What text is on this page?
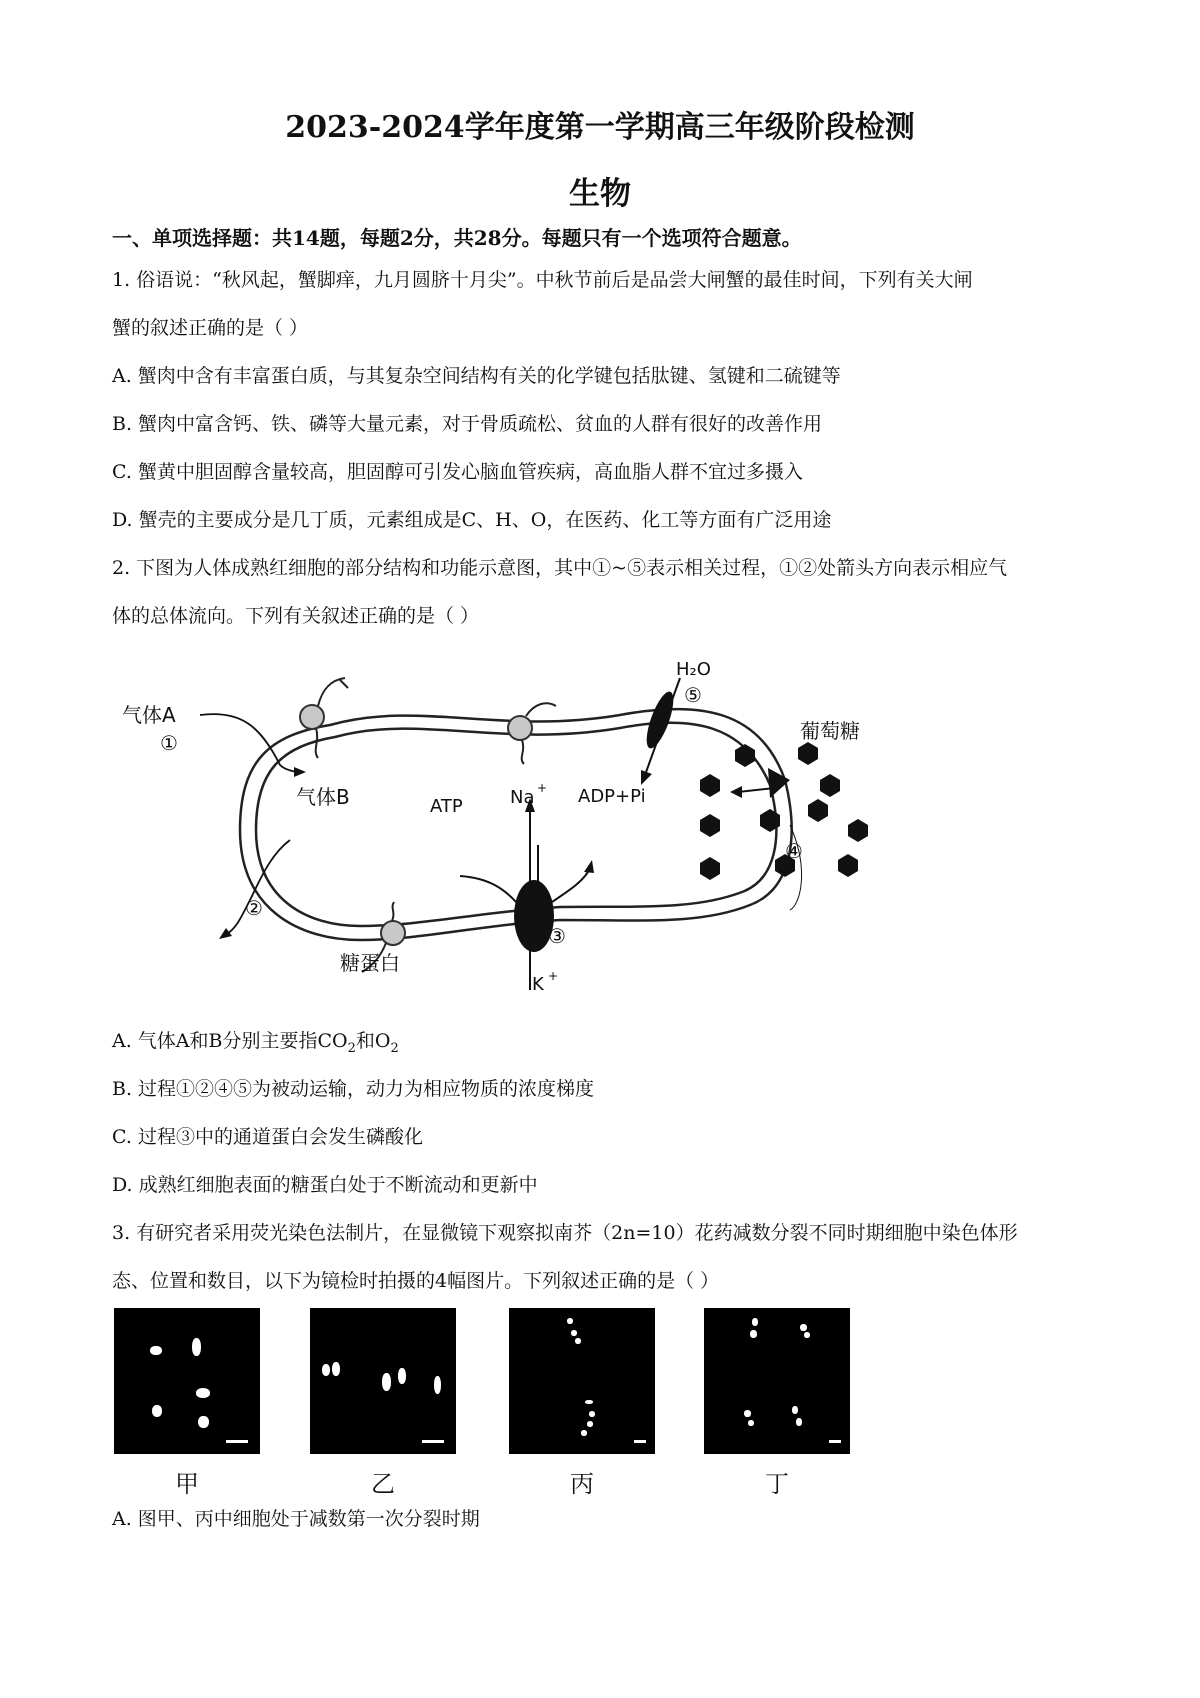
2023-2024学年度第一学期高三年级阶段检测
生物
一、单项选择题：共14题，每题2分，共28分。每题只有一个选项符合题意。
1. 俗语说：“秋风起，蟹脚痒，九月圆脐十月尖”。中秋节前后是品尝大闸蟹的最佳时间，下列有关大闸
蟹的叙述正确的是（ ）
A. 蟹肉中含有丰富蛋白质，与其复杂空间结构有关的化学键包括肽键、氢键和二硫键等
B. 蟹肉中富含钙、铁、磷等大量元素，对于骨质疏松、贫血的人群有很好的改善作用
C. 蟹黄中胆固醇含量较高，胆固醇可引发心脑血管疾病，高血脂人群不宜过多摄入
D. 蟹壳的主要成分是几丁质，元素组成是C、H、O，在医药、化工等方面有广泛用途
2. 下图为人体成熟红细胞的部分结构和功能示意图，其中①~⑤表示相关过程，①②处箭头方向表示相应气
体的总体流向。下列有关叙述正确的是（ ）
气体A
①
气体B
②
糖蛋白
ATP	Na + ADP+Pi
③
K +
H₂O
⑤
葡萄糖
④
A. 气体A和B分别主要指$CO_2$和$O_2$
B. 过程①②④⑤为被动运输，动力为相应物质的浓度梯度
C. 过程③中的通道蛋白会发生磷酸化
D. 成熟红细胞表面的糖蛋白处于不断流动和更新中
3. 有研究者采用荧光染色法制片，在显微镜下观察拟南芥（2n=10）花药减数分裂不同时期细胞中染色体形
态、位置和数目，以下为镜检时拍摄的4幅图片。下列叙述正确的是（ ）
甲	乙	丙	丁
A. 图甲、丙中细胞处于减数第一次分裂时期
